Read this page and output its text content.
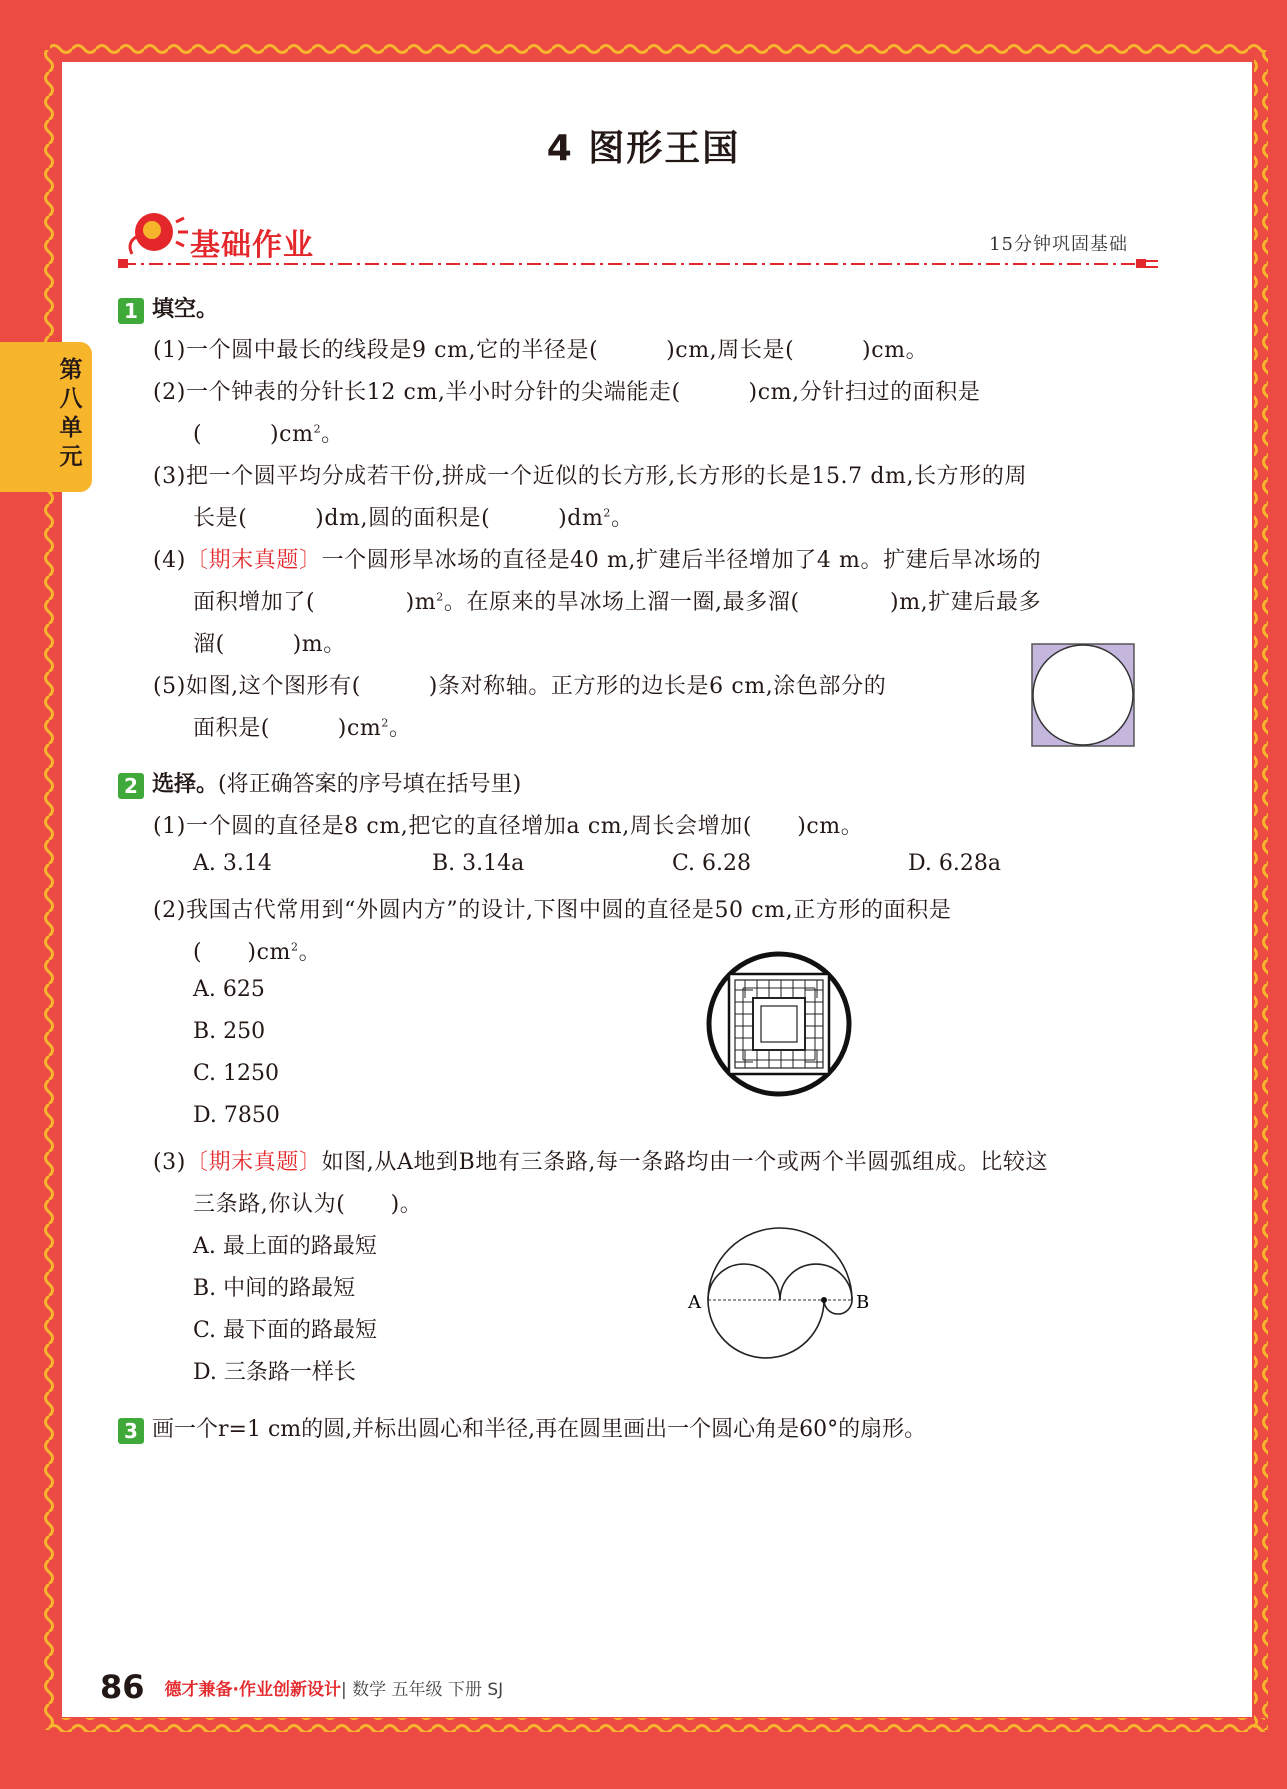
第八单元
4 图形王国
基础作业	15分钟巩固基础
1 填空。
(1)一个圆中最长的线段是9 cm,它的半径是(　　　)cm,周长是(　　　)cm。
(2)一个钟表的分针长12 cm,半小时分针的尖端能走(　　　)cm,分针扫过的面积是
(　　　)$cm^2$。
(3)把一个圆平均分成若干份,拼成一个近似的长方形,长方形的长是15.7 dm,长方形的周
长是(　　　)dm,圆的面积是(　　　)$dm^2$。
(4)〔期末真题〕一个圆形旱冰场的直径是40 m,扩建后半径增加了4 m。扩建后旱冰场的
面积增加了(　　　　)$m^2$。在原来的旱冰场上溜一圈,最多溜(　　　　)m,扩建后最多
溜(　　　)m。
(5)如图,这个图形有(　　　)条对称轴。正方形的边长是6 cm,涂色部分的
面积是(　　　)$cm^2$。
2 选择。(将正确答案的序号填在括号里)
(1)一个圆的直径是8 cm,把它的直径增加a cm,周长会增加(　　)cm。
A. 3.14	B. 3.14a	C. 6.28	D. 6.28a
(2)我国古代常用到“外圆内方”的设计,下图中圆的直径是50 cm,正方形的面积是
(　　)$cm^2$。
A. 625
B. 250
C. 1250
D. 7850
(3)〔期末真题〕如图,从A地到B地有三条路,每一条路均由一个或两个半圆弧组成。比较这
三条路,你认为(　　)。
A. 最上面的路最短
B. 中间的路最短
C. 最下面的路最短
D. 三条路一样长
A	B
3 画一个r=1 cm的圆,并标出圆心和半径,再在圆里画出一个圆心角是60°的扇形。
86 德才兼备·作业创新设计| 数学 五年级 下册 SJ
